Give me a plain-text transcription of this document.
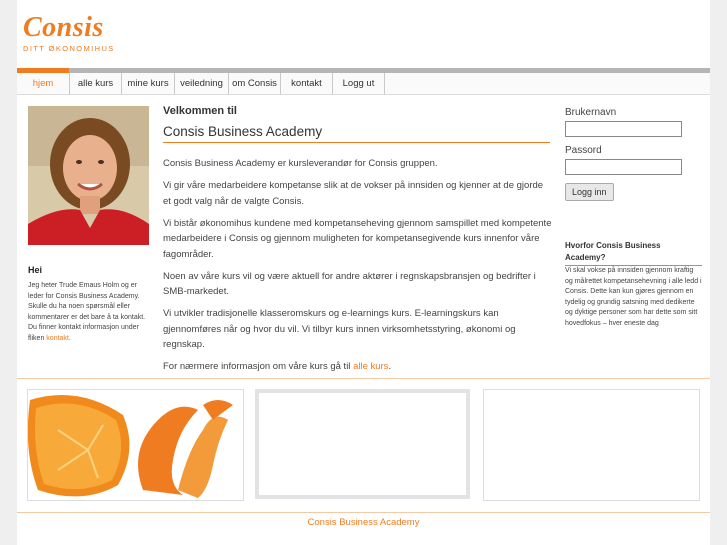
Consis
DITT ØKONOMIHUS
hjem	alle kurs	mine kurs	veiledning om Consis	kontakt	Logg ut
Hei
Jeg heter Trude Emaus Holm og er leder for Consis Business Academy. Skulle du ha noen spørsmål eller kommentarer er det bare å ta kontakt. Du finner kontakt informasjon under fliken kontakt.
Velkommen til
Consis Business Academy

Consis Business Academy er kursleverandør for Consis gruppen.

Vi gir våre medarbeidere kompetanse slik at de vokser på innsiden og kjenner at de gjorde et godt valg når de valgte Consis.

Vi bistår økonomihus kundene med kompetanseheving gjennom samspillet med kompetente medarbeidere i Consis og gjennom muligheten for kompetansegivende kurs innenfor våre fagområder.

Noen av våre kurs vil og være aktuell for andre aktører i regnskapsbransjen og bedrifter i SMB-markedet.

Vi utvikler tradisjonelle klasseromskurs og e-learnings kurs. E-learningskurs kan gjennomføres når og hvor du vil. Vi tilbyr kurs innen virksomhetsstyring, økonomi og regnskap.

For nærmere informasjon om våre kurs gå til alle kurs.

Brukernavn
Passord
Logg inn
Hvorfor Consis Business Academy?
Vi skal vokse på innsiden gjennom kraftig og målrettet kompetansehevning i alle ledd i Consis. Dette kan kun gjøres gjennom en tydelig og grundig satsning med dedikerte og dyktige personer som har dette som sitt hovedfokus – hver eneste dag
Consis Business Academy
